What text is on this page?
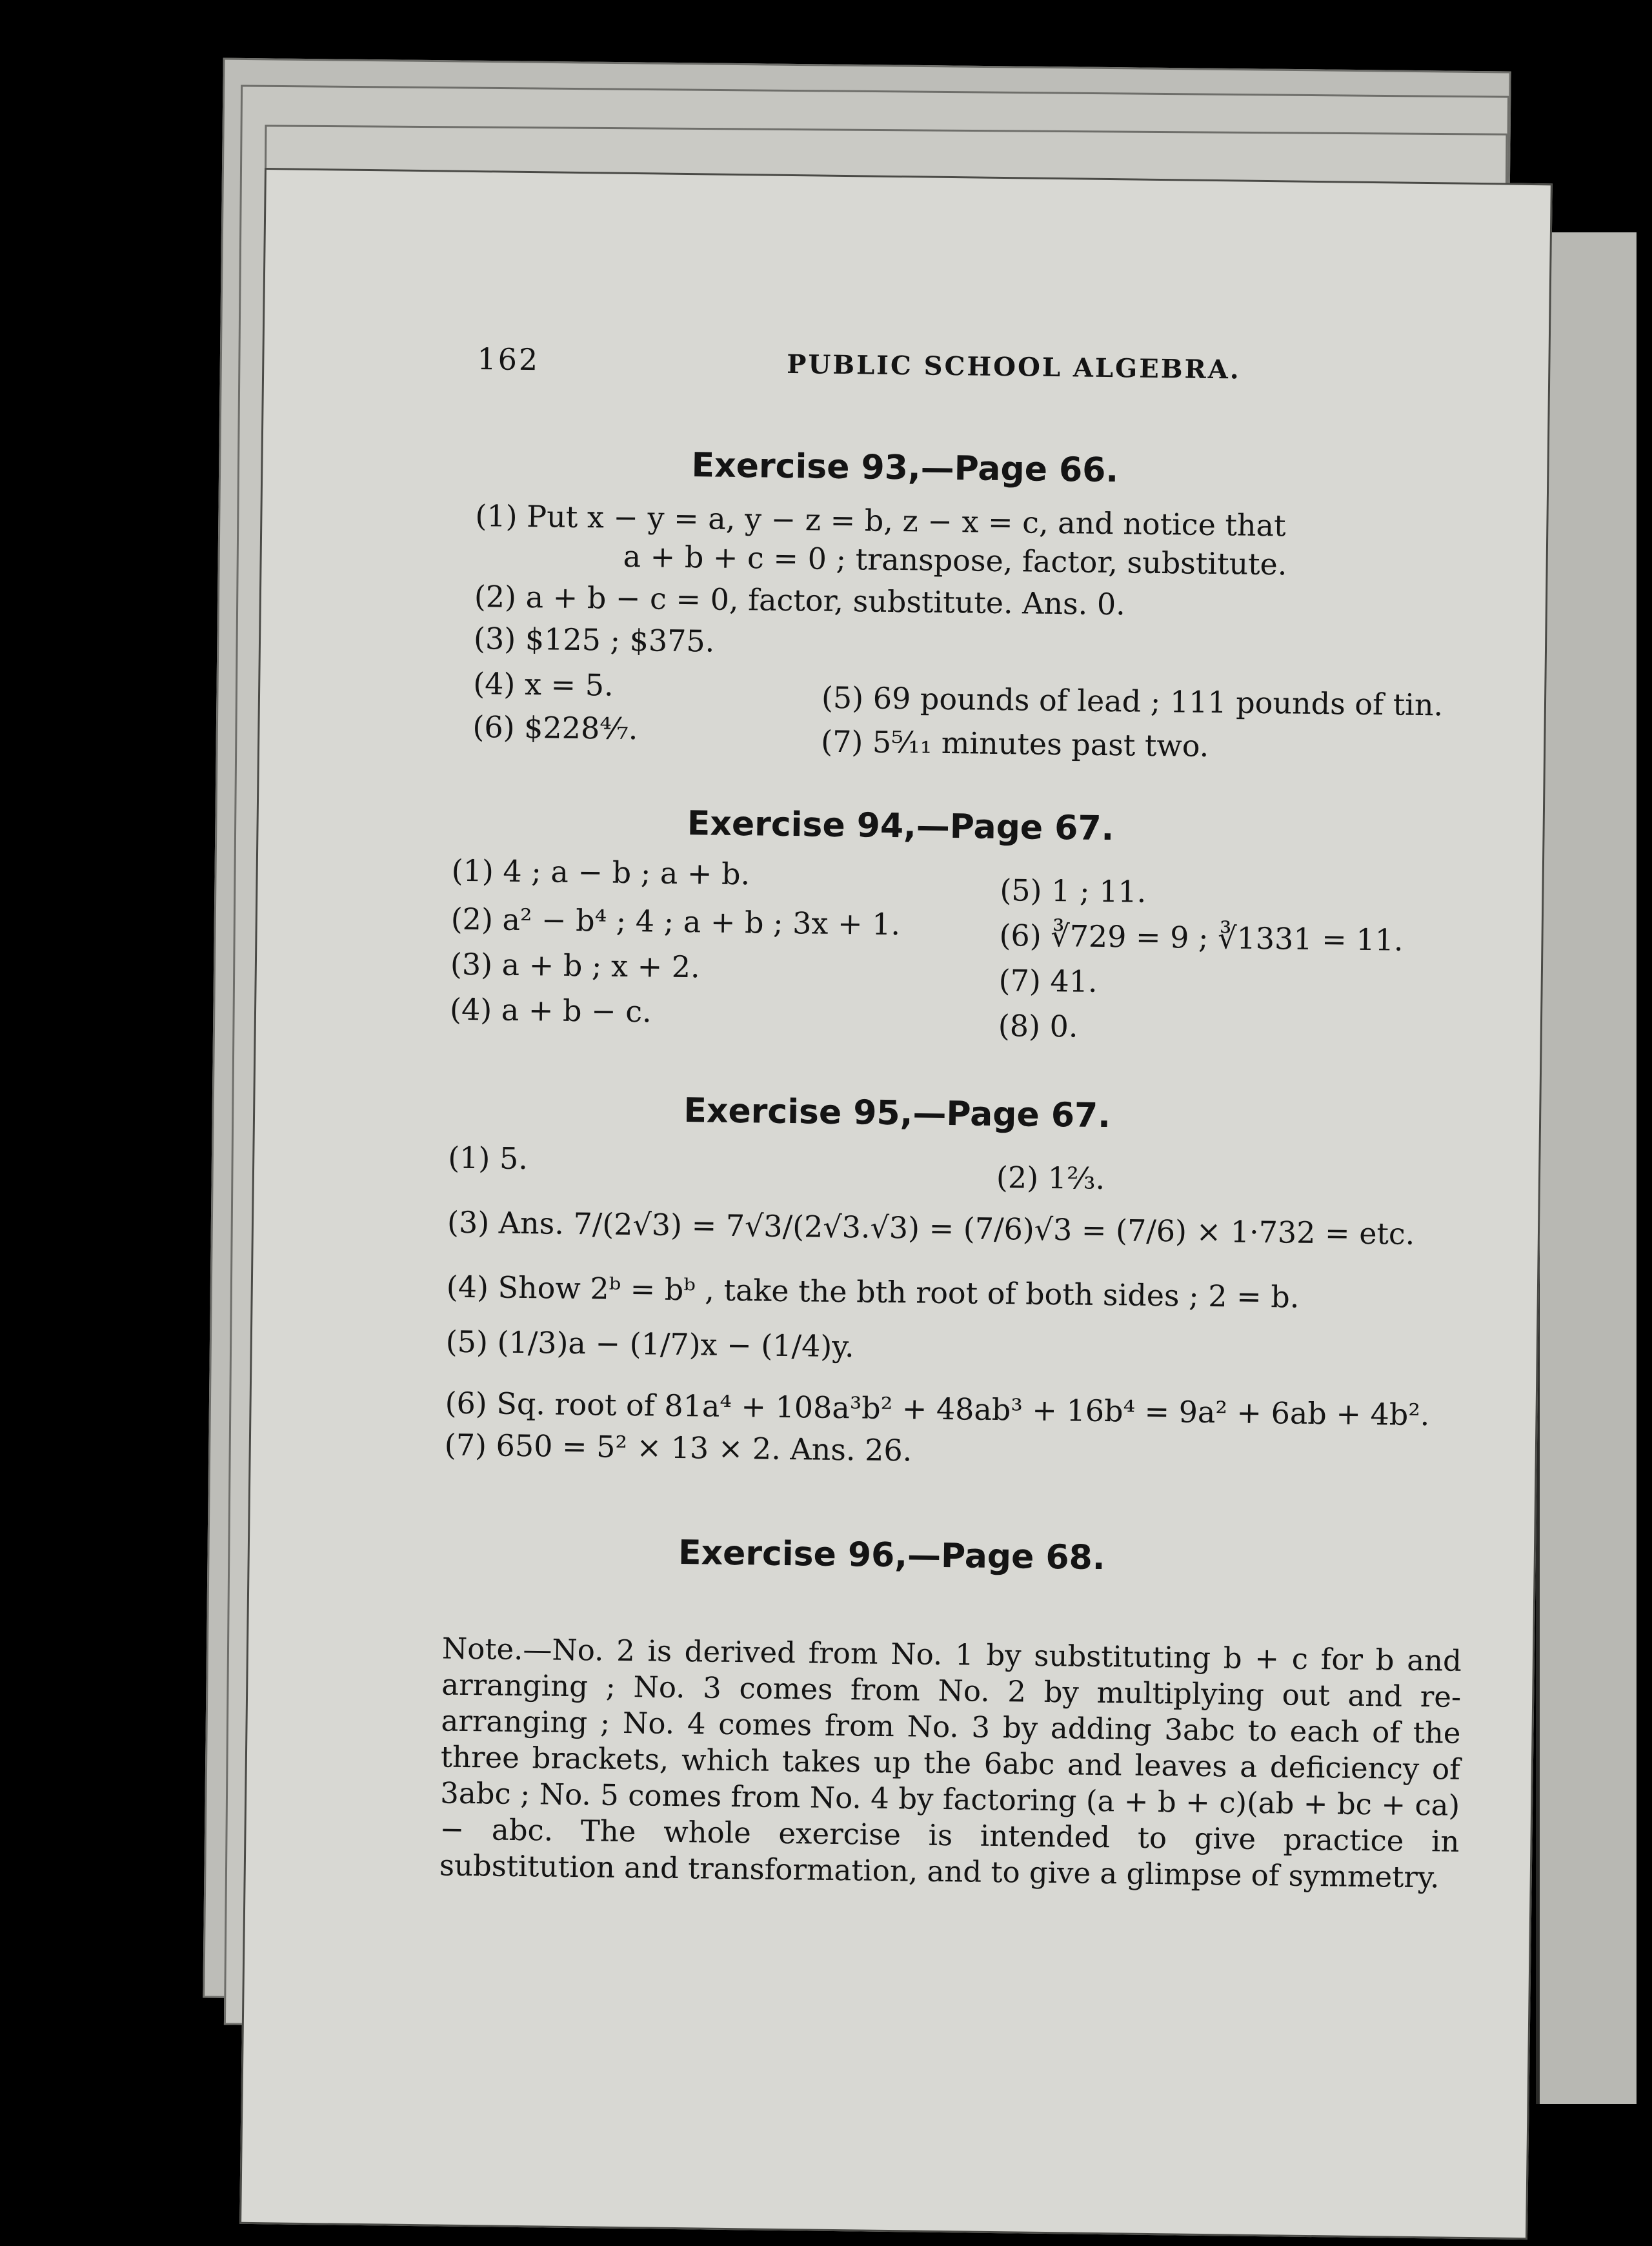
162	PUBLIC SCHOOL ALGEBRA.
Exercise 93,—Page 66.
(1) Put x − y = a, y − z = b, z − x = c, and notice that
a + b + c = 0 ; transpose, factor, substitute.
(2) a + b − c = 0, factor, substitute. Ans. 0.
(3) $125 ; $375.
(4) x = 5.	(5) 69 pounds of lead ; 111 pounds of tin.
(6) $228⁴⁄₇.	(7) 5⁵⁄₁₁ minutes past two.
Exercise 94,—Page 67.
(1) 4 ; a − b ; a + b.
(2) a² − b⁴ ; 4 ; a + b ; 3x + 1.
(3) a + b ; x + 2.
(4) a + b − c.
(5) 1 ; 11.
(6) ∛729 = 9 ; ∛1331 = 11.
(7) 41.
(8) 0.
Exercise 95,—Page 67.
(1) 5.
(2) 1⅔.
(3) Ans. 7/(2√3) = 7√3/(2√3.√3) = (7/6)√3 = (7/6) × 1·732 = etc.
(4) Show 2ᵇ = bᵇ , take the bth root of both sides ; 2 = b.
(5) (1/3)a − (1/7)x − (1/4)y.
(6) Sq. root of 81a⁴ + 108a³b² + 48ab³ + 16b⁴ = 9a² + 6ab + 4b².
(7) 650 = 5² × 13 × 2. Ans. 26.
Exercise 96,—Page 68.
Note.—No. 2 is derived from No. 1 by substituting b + c for b and arranging ; No. 3 comes from No. 2 by multiplying out and re-arranging ; No. 4 comes from No. 3 by adding 3abc to each of the three brackets, which takes up the 6abc and leaves a deficiency of 3abc ; No. 5 comes from No. 4 by factoring (a + b + c)(ab + bc + ca) − abc. The whole exercise is intended to give practice in substitution and transformation, and to give a glimpse of symmetry.
